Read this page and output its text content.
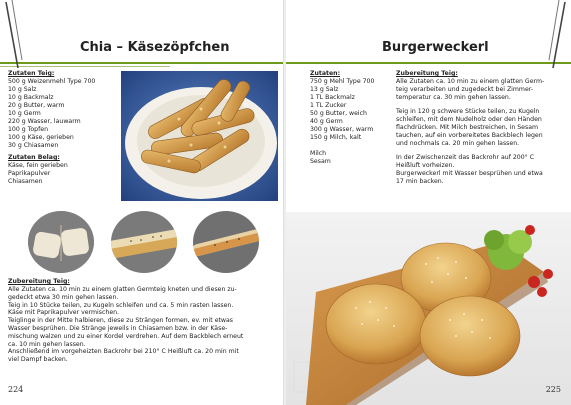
Chia – Käsezöpfchen
Zutaten Teig:
500 g Weizenmehl Type 700
10 g Salz
10 g Backmalz
20 g Butter, warm
10 g Germ
220 g Wasser, lauwarm
100 g Topfen
100 g Käse, gerieben
30 g Chiasamen
Zutaten Belag:
Käse, fein gerieben
Paprikapulver
Chiasamen
Zubereitung Teig:
Alle Zutaten ca. 10 min zu einem glatten Germteig kneten und diesen zu-
gedeckt etwa 30 min gehen lassen.
Teig in 10 Stücke teilen, zu Kugeln schleifen und ca. 5 min rasten lassen.
Käse mit Paprikapulver vermischen.
Teiglinge in der Mitte halbieren, diese zu Strängen formen, ev. mit etwas
Wasser besprühen. Die Stränge jeweils in Chiasamen bzw. in der Käse-
mischung walzen und zu einer Kordel verdrehen. Auf dem Backblech erneut
ca. 10 min gehen lassen.
Anschließend im vorgeheizten Backrohr bei 210° C Heißluft ca. 20 min mit
viel Dampf backen.
224
Burgerweckerl
Zutaten:
750 g Mehl Type 700
13 g Salz
1 TL Backmalz
1 TL Zucker
50 g Butter, weich
40 g Germ
300 g Wasser, warm
150 g Milch, kalt
Milch
Sesam
Zubereitung Teig:
Alle Zutaten ca. 10 min zu einem glatten Germ-
teig verarbeiten und zugedeckt bei Zimmer-
temperatur ca. 30 min gehen lassen.
Teig in 120 g schwere Stücke teilen, zu Kugeln
schleifen, mit dem Nudelholz oder den Händen
flachdrücken. Mit Milch bestreichen, in Sesam
tauchen, auf ein vorbereitetes Backblech legen
und nochmals ca. 20 min gehen lassen.
In der Zwischenzeit das Backrohr auf 200° C
Heißluft vorheizen.
Burgerweckerl mit Wasser besprühen und etwa
17 min backen.
225
